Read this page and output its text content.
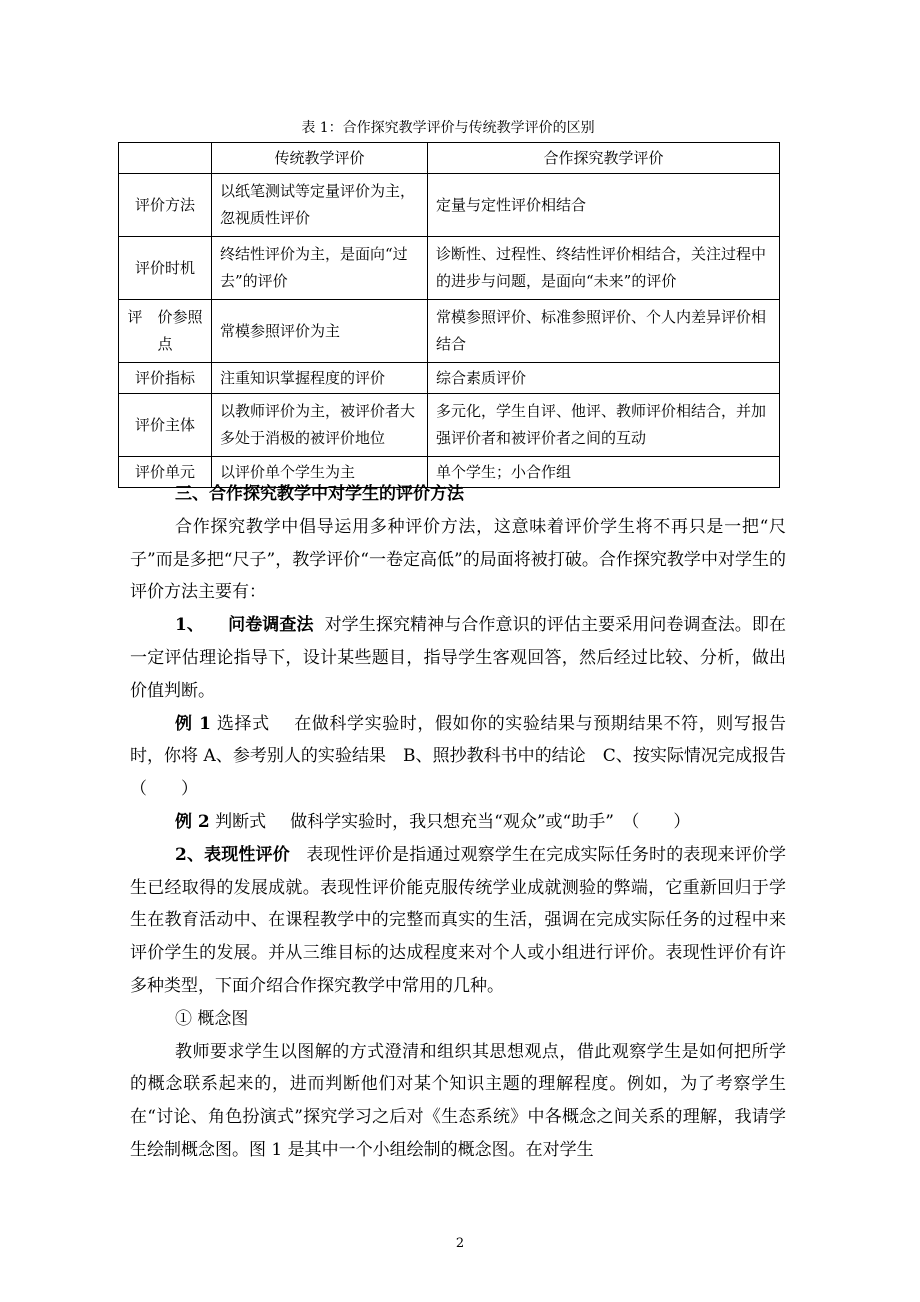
表 1：合作探究教学评价与传统教学评价的区别
	传统教学评价	合作探究教学评价
评价方法	以纸笔测试等定量评价为主，忽视质性评价	定量与定性评价相结合
评价时机	终结性评价为主，是面向“过去”的评价	诊断性、过程性、终结性评价相结合，关注过程中的进步与问题，是面向“未来”的评价
评　价参照点	常模参照评价为主	常模参照评价、标准参照评价、个人内差异评价相结合
评价指标	注重知识掌握程度的评价	综合素质评价
评价主体	以教师评价为主，被评价者大多处于消极的被评价地位	多元化，学生自评、他评、教师评价相结合，并加强评价者和被评价者之间的互动
评价单元	以评价单个学生为主	单个学生；小合作组

三、合作探究教学中对学生的评价方法

合作探究教学中倡导运用多种评价方法，这意味着评价学生将不再只是一把“尺子”而是多把“尺子”，教学评价“一卷定高低”的局面将被打破。合作探究教学中对学生的评价方法主要有：

1、 问卷调查法 对学生探究精神与合作意识的评估主要采用问卷调查法。即在一定评估理论指导下，设计某些题目，指导学生客观回答，然后经过比较、分析，做出价值判断。

例 1 选择式 在做科学实验时，假如你的实验结果与预期结果不符，则写报告时，你将 A、参考别人的实验结果　B、照抄教科书中的结论　C、按实际情况完成报告（　　）

例 2 判断式 做科学实验时，我只想充当“观众”或“助手”　（　　）

2、表现性评价 表现性评价是指通过观察学生在完成实际任务时的表现来评价学生已经取得的发展成就。表现性评价能克服传统学业成就测验的弊端，它重新回归于学生在教育活动中、在课程教学中的完整而真实的生活，强调在完成实际任务的过程中来评价学生的发展。并从三维目标的达成程度来对个人或小组进行评价。表现性评价有许多种类型，下面介绍合作探究教学中常用的几种。

① 概念图

教师要求学生以图解的方式澄清和组织其思想观点，借此观察学生是如何把所学的概念联系起来的，进而判断他们对某个知识主题的理解程度。例如，为了考察学生在“讨论、角色扮演式”探究学习之后对《生态系统》中各概念之间关系的理解，我请学生绘制概念图。图 1 是其中一个小组绘制的概念图。在对学生

2
